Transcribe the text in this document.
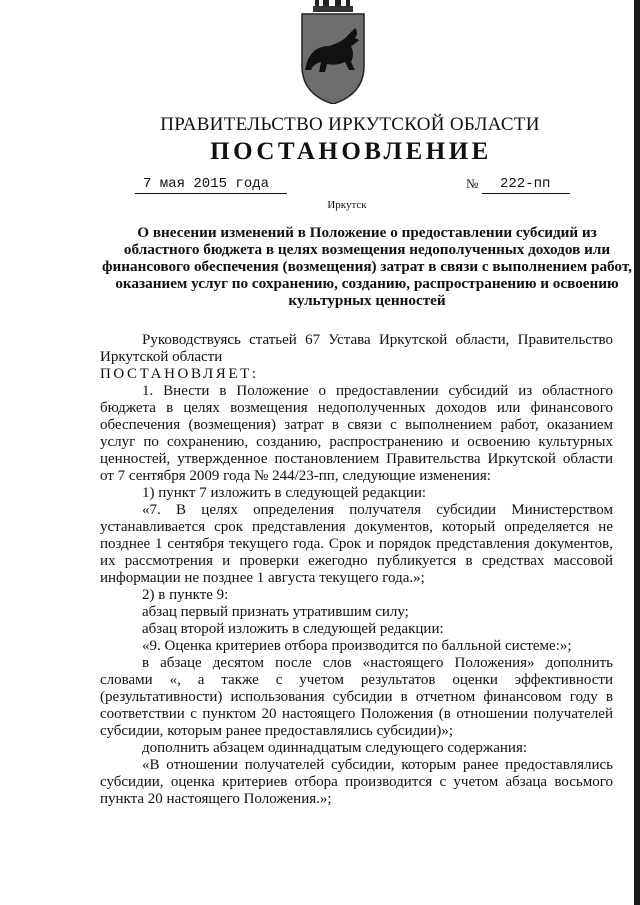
ПРАВИТЕЛЬСТВО ИРКУТСКОЙ ОБЛАСТИ
ПОСТАНОВЛЕНИЕ
7 мая 2015 года	№	222-пп
Иркутск

О внесении изменений в Положение о предоставлении субсидий из областного бюджета в целях возмещения недополученных доходов или финансового обеспечения (возмещения) затрат в связи с выполнением работ, оказанием услуг по сохранению, созданию, распространению и освоению культурных ценностей

Руководствуясь статьей 67 Устава Иркутской области, Правительство Иркутской области

ПОСТАНОВЛЯЕТ:

1. Внести в Положение о предоставлении субсидий из областного бюджета в целях возмещения недополученных доходов или финансового обеспечения (возмещения) затрат в связи с выполнением работ, оказанием услуг по сохранению, созданию, распространению и освоению культурных ценностей, утвержденное постановлением Правительства Иркутской области от 7 сентября 2009 года № 244/23-пп, следующие изменения:

1) пункт 7 изложить в следующей редакции:

«7. В целях определения получателя субсидии Министерством устанавливается срок представления документов, который определяется не позднее 1 сентября текущего года. Срок и порядок представления документов, их рассмотрения и проверки ежегодно публикуется в средствах массовой информации не позднее 1 августа текущего года.»;

2) в пункте 9:

абзац первый признать утратившим силу;

абзац второй изложить в следующей редакции:

«9. Оценка критериев отбора производится по балльной системе:»;

в абзаце десятом после слов «настоящего Положения» дополнить словами «, а также с учетом результатов оценки эффективности (результативности) использования субсидии в отчетном финансовом году в соответствии с пунктом 20 настоящего Положения (в отношении получателей субсидии, которым ранее предоставлялись субсидии)»;

дополнить абзацем одиннадцатым следующего содержания:

«В отношении получателей субсидии, которым ранее предоставлялись субсидии, оценка критериев отбора производится с учетом абзаца восьмого пункта 20 настоящего Положения.»;
